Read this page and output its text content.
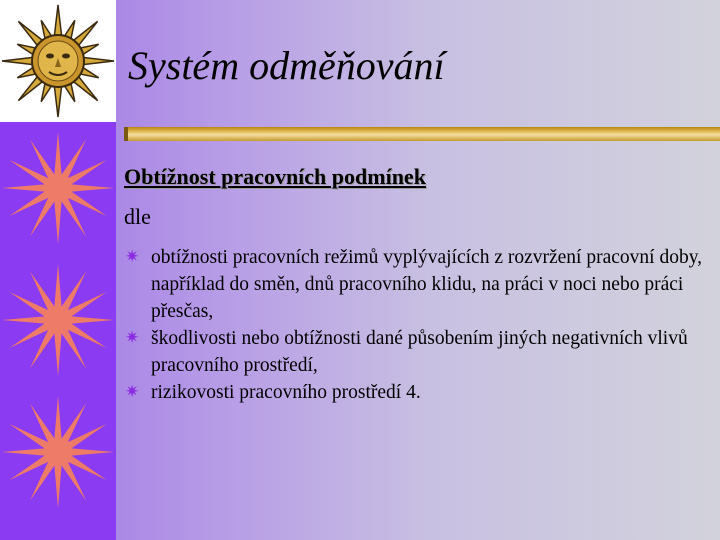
Systém odměňování

Obtížnost pracovních podmínek

dle

✷ obtížnosti pracovních režimů vyplývajících z rozvržení pracovní doby, například do směn, dnů pracovního klidu, na práci v noci nebo práci přesčas,
✷ škodlivosti nebo obtížnosti dané působením jiných negativních vlivů pracovního prostředí,
✷ rizikovosti pracovního prostředí 4.
